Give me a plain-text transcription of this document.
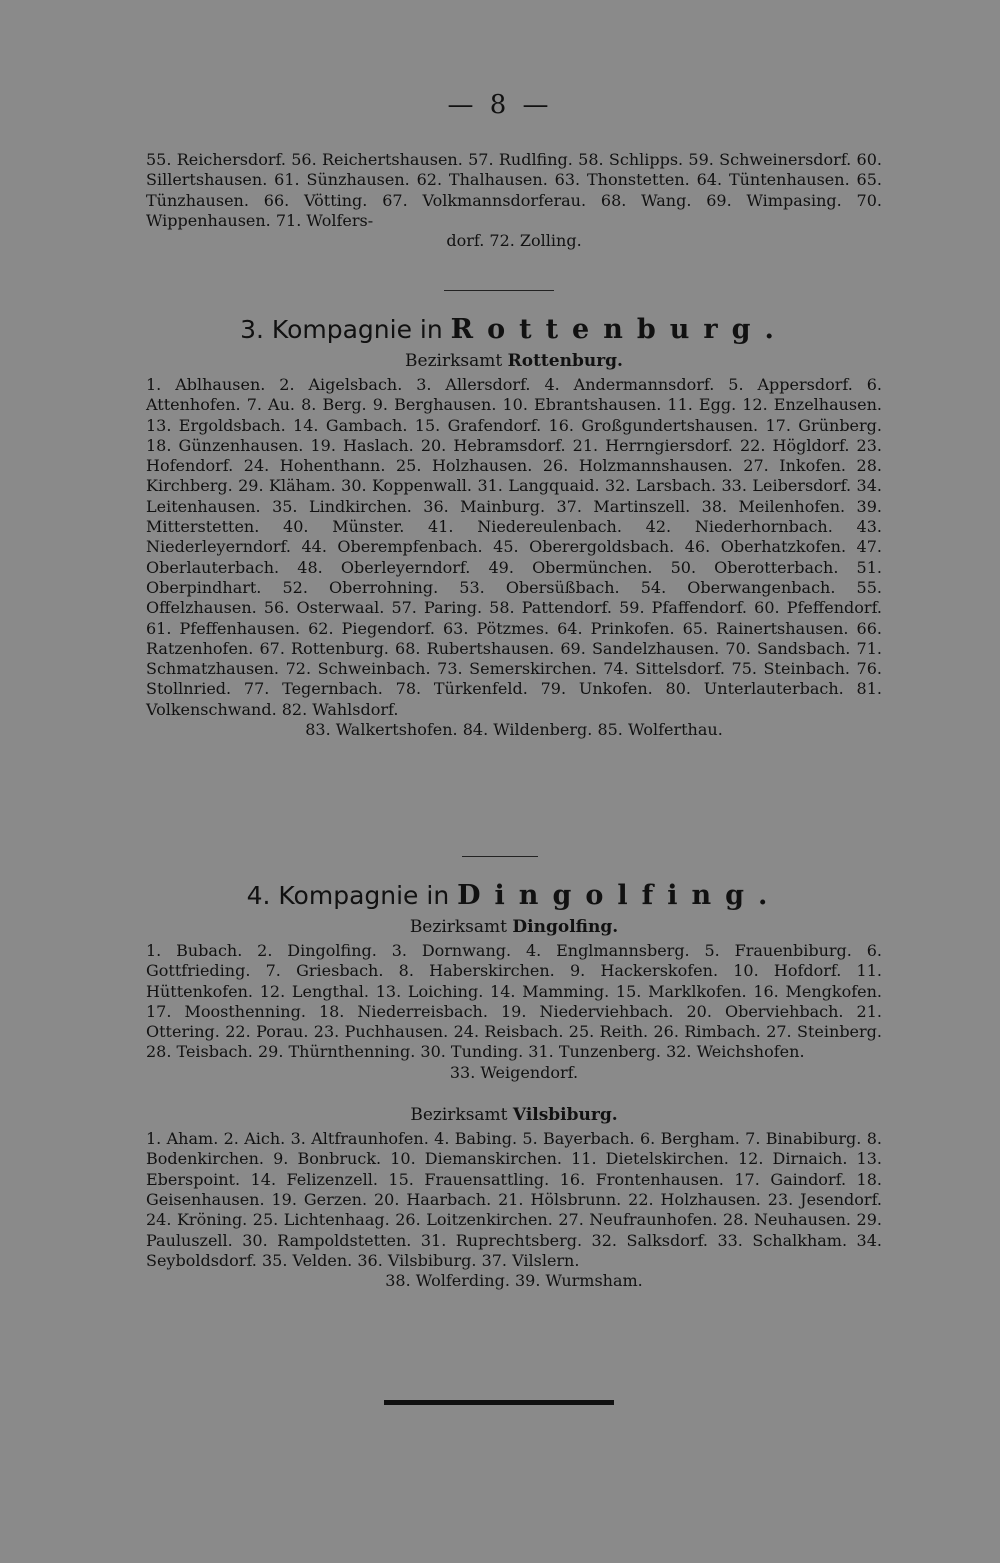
— 8 —

55. Reichersdorf. 56. Reichertshausen. 57. Rudlfing. 58. Schlipps. 59. Schweinersdorf. 60. Sillertshausen. 61. Sünzhausen. 62. Thalhausen. 63. Thonstetten. 64. Tüntenhausen. 65. Tünzhausen. 66. Vötting. 67. Volkmannsdorferau. 68. Wang. 69. Wimpasing. 70. Wippenhausen. 71. Wolfers-

dorf. 72. Zolling.

3. Kompagnie in Rottenburg.

Bezirksamt Rottenburg.

1. Ablhausen. 2. Aigelsbach. 3. Allersdorf. 4. Andermannsdorf. 5. Appersdorf. 6. Attenhofen. 7. Au. 8. Berg. 9. Berghausen. 10. Ebrantshausen. 11. Egg. 12. Enzelhausen. 13. Ergoldsbach. 14. Gambach. 15. Grafendorf. 16. Großgundertshausen. 17. Grünberg. 18. Günzenhausen. 19. Haslach. 20. Hebramsdorf. 21. Herrngiersdorf. 22. Högldorf. 23. Hofendorf. 24. Hohenthann. 25. Holzhausen. 26. Holzmannshausen. 27. Inkofen. 28. Kirchberg. 29. Kläham. 30. Koppenwall. 31. Langquaid. 32. Larsbach. 33. Leibersdorf. 34. Leitenhausen. 35. Lindkirchen. 36. Mainburg. 37. Martinszell. 38. Meilenhofen. 39. Mitterstetten. 40. Münster. 41. Niedereulenbach. 42. Niederhornbach. 43. Niederleyerndorf. 44. Oberempfenbach. 45. Oberergoldsbach. 46. Oberhatzkofen. 47. Oberlauterbach. 48. Oberleyerndorf. 49. Obermünchen. 50. Oberotterbach. 51. Oberpindhart. 52. Oberrohning. 53. Obersüßbach. 54. Oberwangenbach. 55. Offelzhausen. 56. Osterwaal. 57. Paring. 58. Pattendorf. 59. Pfaffendorf. 60. Pfeffendorf. 61. Pfeffenhausen. 62. Piegendorf. 63. Pötzmes. 64. Prinkofen. 65. Rainertshausen. 66. Ratzenhofen. 67. Rottenburg. 68. Rubertshausen. 69. Sandelzhausen. 70. Sandsbach. 71. Schmatzhausen. 72. Schweinbach. 73. Semerskirchen. 74. Sittelsdorf. 75. Steinbach. 76. Stollnried. 77. Tegernbach. 78. Türkenfeld. 79. Unkofen. 80. Unterlauterbach. 81. Volkenschwand. 82. Wahlsdorf.

83. Walkertshofen. 84. Wildenberg. 85. Wolferthau.

4. Kompagnie in Dingolfing.

Bezirksamt Dingolfing.

1. Bubach. 2. Dingolfing. 3. Dornwang. 4. Englmannsberg. 5. Frauenbiburg. 6. Gottfrieding. 7. Griesbach. 8. Haberskirchen. 9. Hackerskofen. 10. Hofdorf. 11. Hüttenkofen. 12. Lengthal. 13. Loiching. 14. Mamming. 15. Marklkofen. 16. Mengkofen. 17. Moosthenning. 18. Niederreisbach. 19. Niederviehbach. 20. Oberviehbach. 21. Ottering. 22. Porau. 23. Puchhausen. 24. Reisbach. 25. Reith. 26. Rimbach. 27. Steinberg. 28. Teisbach. 29. Thürnthenning. 30. Tunding. 31. Tunzenberg. 32. Weichshofen.

33. Weigendorf.

Bezirksamt Vilsbiburg.

1. Aham. 2. Aich. 3. Altfraunhofen. 4. Babing. 5. Bayerbach. 6. Bergham. 7. Binabiburg. 8. Bodenkirchen. 9. Bonbruck. 10. Diemanskirchen. 11. Dietelskirchen. 12. Dirnaich. 13. Eberspoint. 14. Felizenzell. 15. Frauensattling. 16. Frontenhausen. 17. Gaindorf. 18. Geisenhausen. 19. Gerzen. 20. Haarbach. 21. Hölsbrunn. 22. Holzhausen. 23. Jesendorf. 24. Kröning. 25. Lichtenhaag. 26. Loitzenkirchen. 27. Neufraunhofen. 28. Neuhausen. 29. Pauluszell. 30. Rampoldstetten. 31. Ruprechtsberg. 32. Salksdorf. 33. Schalkham. 34. Seyboldsdorf. 35. Velden. 36. Vilsbiburg. 37. Vilslern.

38. Wolferding. 39. Wurmsham.
